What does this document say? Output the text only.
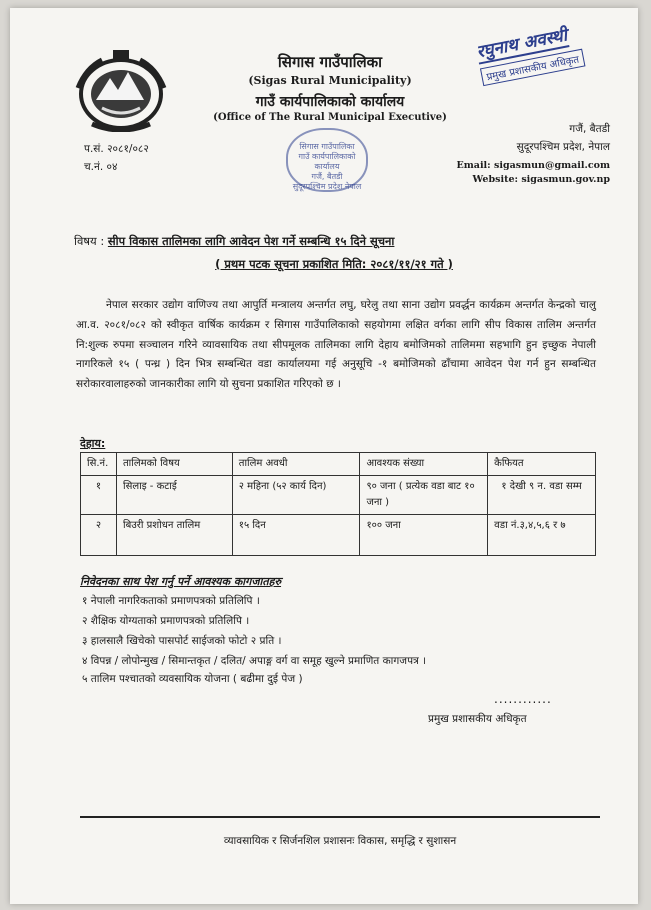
सिगास गाउँपालिका
(Sigas Rural Municipality)
गाउँ कार्यपालिकाको कार्यालय
(Office of The Rural Municipal Executive)
प.सं. २०८१/०८२
च.नं. ०४
रघुनाथ अवस्थी प्रमुख प्रशासकीय अधिकृत
गजैं, बैतडी
सुदूरपश्चिम प्रदेश, नेपाल
Email: sigasmun@gmail.com
Website: sigasmun.gov.np
सिगास गाउँपालिका
गाउँ कार्यपालिकाको कार्यालय
गजैं, बैतडी
सुदूरपश्चिम प्रदेश नेपाल
विषय : सीप विकास तालिमका लागि आवेदन पेश गर्ने सम्बन्धि १५ दिने सूचना
( प्रथम पटक सूचना प्रकाशित मिति: २०८१/११/२१ गते )
नेपाल सरकार उद्योग वाणिज्य तथा आपुर्ति मन्त्रालय अन्तर्गत लघु, घरेलु तथा साना उद्योग प्रवर्द्धन कार्यक्रम अन्तर्गत केन्द्रको चालु आ.व. २०८१/०८२ को स्वीकृत वार्षिक कार्यक्रम र सिगास गाउँपालिकाको सहयोगमा लक्षित वर्गका लागि सीप विकास तालिम अन्तर्गत नि:शुल्क रुपमा सञ्चालन गरिने व्यावसायिक तथा सीपमूलक तालिमका लागि देहाय बमोजिमको तालिममा सहभागि हुन इच्छुक नेपाली नागरिकले १५ ( पन्ध्र ) दिन भित्र सम्बन्धित वडा कार्यालयमा गई अनुसूचि -१ बमोजिमको ढाँचामा आवेदन पेश गर्न हुन सम्बन्धित सरोकारवालाहरुको जानकारीका लागि यो सुचना प्रकाशित गरिएको छ ।
देहाय:
सि.नं.	तालिमको विषय	तालिम अवधी	आवश्यक संख्या	कैफियत
१	सिलाइ - कटाई	२ महिना (५२ कार्य दिन)	९० जना ( प्रत्येक वडा बाट १० जना )	१ देखी ९ न. वडा सम्म
२	बिउरी प्रशोधन तालिम	१५ दिन	१०० जना	वडा नं.३,४,५,६ र ७
निवेदनका साथ पेश गर्नु पर्ने आवश्यक कागजातहरु
१ नेपाली नागरिकताको प्रमाणपत्रको प्रतिलिपि ।
२ शैक्षिक योग्यताको प्रमाणपत्रको प्रतिलिपि ।
३ हालसालै खिचेको पासपोर्ट साईजको फोटो २ प्रति ।
४ विपन्न / लोपोन्मुख / सिमान्तकृत / दलित/ अपाङ्ग वर्ग वा समूह खुल्ने प्रमाणित कागजपत्र ।
५ तालिम पश्चातको व्यवसायिक योजना ( बढीमा दुई पेज )
............
प्रमुख प्रशासकीय अधिकृत
व्यावसायिक र सिर्जनशिल प्रशासनः विकास, समृद्धि र सुशासन
